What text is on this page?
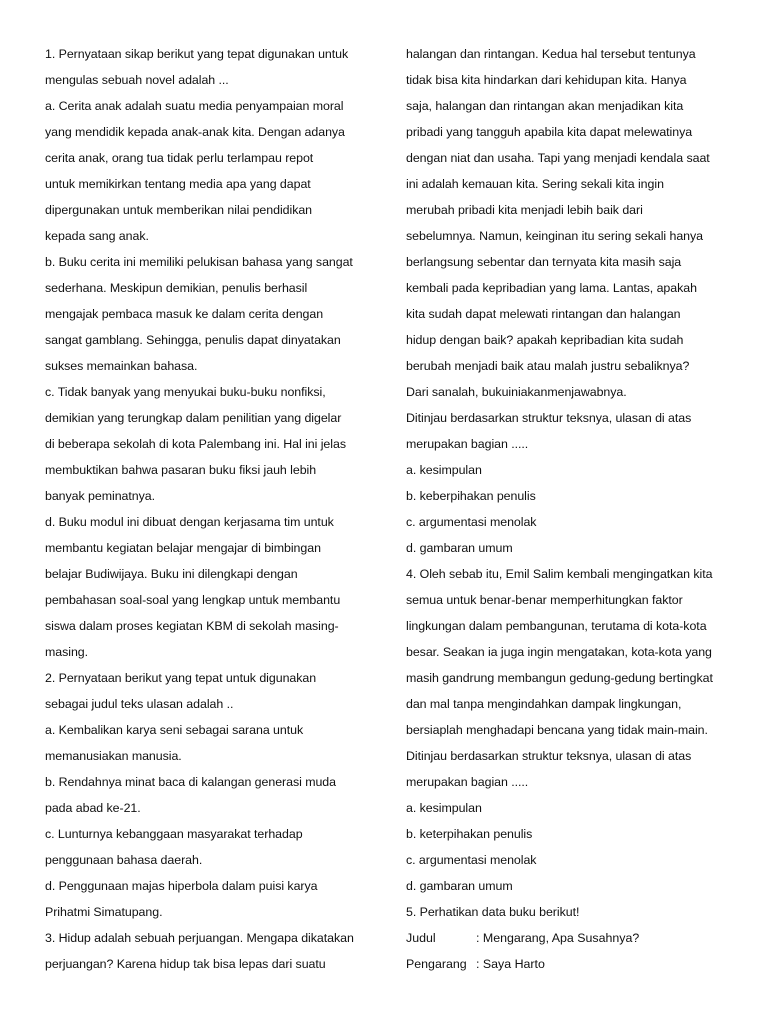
1. Pernyataan sikap berikut yang tepat digunakan untuk
mengulas sebuah novel adalah ...
a. Cerita anak adalah suatu media penyampaian moral
yang mendidik kepada anak-anak kita. Dengan adanya
cerita anak, orang tua tidak perlu terlampau repot
untuk memikirkan tentang media apa yang dapat
dipergunakan untuk memberikan nilai pendidikan
kepada sang anak.
b. Buku cerita ini memiliki pelukisan bahasa yang sangat
sederhana. Meskipun demikian, penulis berhasil
mengajak pembaca masuk ke dalam cerita dengan
sangat gamblang. Sehingga, penulis dapat dinyatakan
sukses memainkan bahasa.
c. Tidak banyak yang menyukai buku-buku nonfiksi,
demikian yang terungkap dalam penilitian yang digelar
di beberapa sekolah di kota Palembang ini. Hal ini jelas
membuktikan bahwa pasaran buku fiksi jauh lebih
banyak peminatnya.
d. Buku modul ini dibuat dengan kerjasama tim untuk
membantu kegiatan belajar mengajar di bimbingan
belajar Budiwijaya. Buku ini dilengkapi dengan
pembahasan soal-soal yang lengkap untuk membantu
siswa dalam proses kegiatan KBM di sekolah masing-
masing.
2. Pernyataan berikut yang tepat untuk digunakan
sebagai judul teks ulasan adalah ..
a. Kembalikan karya seni sebagai sarana untuk
memanusiakan manusia.
b. Rendahnya minat baca di kalangan generasi muda
pada abad ke-21.
c. Lunturnya kebanggaan masyarakat terhadap
penggunaan bahasa daerah.
d. Penggunaan majas hiperbola dalam puisi karya
Prihatmi Simatupang.
3. Hidup adalah sebuah perjuangan. Mengapa dikatakan
perjuangan? Karena hidup tak bisa lepas dari suatu
halangan dan rintangan. Kedua hal tersebut tentunya
tidak bisa kita hindarkan dari kehidupan kita. Hanya
saja, halangan dan rintangan akan menjadikan kita
pribadi yang tangguh apabila kita dapat melewatinya
dengan niat dan usaha. Tapi yang menjadi kendala saat
ini adalah kemauan kita. Sering sekali kita ingin
merubah pribadi kita menjadi lebih baik dari
sebelumnya. Namun, keinginan itu sering sekali hanya
berlangsung sebentar dan ternyata kita masih saja
kembali pada kepribadian yang lama. Lantas, apakah
kita sudah dapat melewati rintangan dan halangan
hidup dengan baik? apakah kepribadian kita sudah
berubah menjadi baik atau malah justru sebaliknya?
Dari sanalah, bukuiniakanmenjawabnya.
Ditinjau berdasarkan struktur teksnya, ulasan di atas
merupakan bagian .....
a. kesimpulan
b. keberpihakan penulis
c. argumentasi menolak
d. gambaran umum
4. Oleh sebab itu, Emil Salim kembali mengingatkan kita
semua untuk benar-benar memperhitungkan faktor
lingkungan dalam pembangunan, terutama di kota-kota
besar. Seakan ia juga ingin mengatakan, kota-kota yang
masih gandrung membangun gedung-gedung bertingkat
dan mal tanpa mengindahkan dampak lingkungan,
bersiaplah menghadapi bencana yang tidak main-main.
Ditinjau berdasarkan struktur teksnya, ulasan di atas
merupakan bagian .....
a. kesimpulan
b. keterpihakan penulis
c. argumentasi menolak
d. gambaran umum
5. Perhatikan data buku berikut!
Judul	: Mengarang, Apa Susahnya?
Pengarang : Saya Harto
